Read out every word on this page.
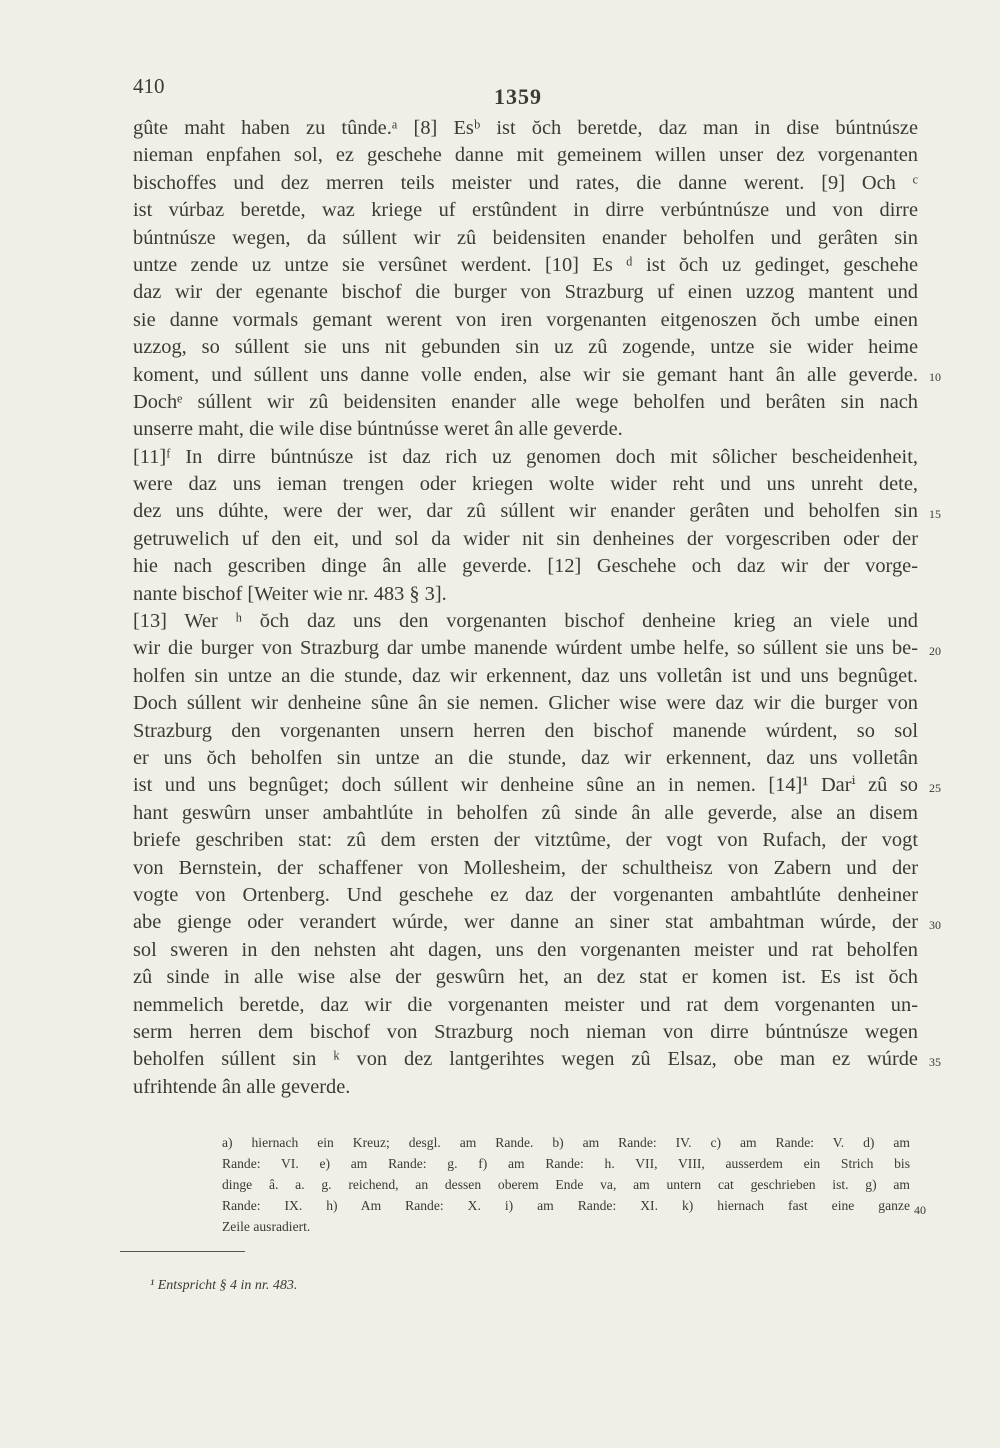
410	1359
gûte maht haben zu tûnde.ᵃ [8] Esᵇ ist ŏch beretde, daz man in dise búntnúsze
nieman enpfahen sol, ez geschehe danne mit gemeinem willen unser dez vorgenanten
bischoffes und dez merren teils meister und rates, die danne werent. [9] Och ᶜ
ist vúrbaz beretde, waz kriege uf erstûndent in dirre verbúntnúsze und von dirre
búntnúsze wegen, da súllent wir zû beidensiten enander beholfen und gerâten sin
untze zende uz untze sie versûnet werdent. [10] Es ᵈ ist ŏch uz gedinget, geschehe
daz wir der egenante bischof die burger von Strazburg uf einen uzzog mantent und
sie danne vormals gemant werent von iren vorgenanten eitgenoszen ŏch umbe einen
uzzog, so súllent sie uns nit gebunden sin uz zû zogende, untze sie wider heime
koment, und súllent uns danne volle enden, alse wir sie gemant hant ân alle geverde.
Dochᵉ súllent wir zû beidensiten enander alle wege beholfen und berâten sin nach
unserre maht, die wile dise búntnússe weret ân alle geverde.
[11]ᶠ In dirre búntnúsze ist daz rich uz genomen doch mit sôlicher bescheidenheit,
were daz uns ieman trengen oder kriegen wolte wider reht und uns unreht dete,
dez uns dúhte, were der wer, dar zû súllent wir enander gerâten und beholfen sin
getruwelich uf den eit, und sol da wider nit sin denheines der vorgescriben oder der
hie nach gescriben dinge ân alle geverde. [12] Geschehe och daz wir der vorge-
nante bischof [Weiter wie nr. 483 § 3].
[13] Wer ʰ ŏch daz uns den vorgenanten bischof denheine krieg an viele und
wir die burger von Strazburg dar umbe manende wúrdent umbe helfe, so súllent sie uns be-
holfen sin untze an die stunde, daz wir erkennent, daz uns volletân ist und uns begnûget.
Doch súllent wir denheine sûne ân sie nemen. Glicher wise were daz wir die burger von
Strazburg den vorgenanten unsern herren den bischof manende wúrdent, so sol
er uns ŏch beholfen sin untze an die stunde, daz wir erkennent, daz uns volletân
ist und uns begnûget; doch súllent wir denheine sûne an in nemen. [14]¹ Darⁱ zû so
hant geswûrn unser ambahtlúte in beholfen zû sinde ân alle geverde, alse an disem
briefe geschriben stat: zû dem ersten der vitztûme, der vogt von Rufach, der vogt
von Bernstein, der schaffener von Mollesheim, der schultheisz von Zabern und der
vogte von Ortenberg. Und geschehe ez daz der vorgenanten ambahtlúte denheiner
abe gienge oder verandert wúrde, wer danne an siner stat ambahtman wúrde, der
sol sweren in den nehsten aht dagen, uns den vorgenanten meister und rat beholfen
zû sinde in alle wise alse der geswûrn het, an dez stat er komen ist. Es ist ŏch
nemmelich beretde, daz wir die vorgenanten meister und rat dem vorgenanten un-
serm herren dem bischof von Strazburg noch nieman von dirre búntnúsze wegen
beholfen súllent sin ᵏ von dez lantgerihtes wegen zû Elsaz, obe man ez wúrde
ufrihtende ân alle geverde.
10
15
20
25
30
35
a) hiernach ein Kreuz; desgl. am Rande. b) am Rande: IV. c) am Rande: V. d) am
Rande: VI. e) am Rande: g. f) am Rande: h. VII, VIII, ausserdem ein Strich bis
dinge â. a. g. reichend, an dessen oberem Ende va, am untern cat geschrieben ist. g) am
Rande: IX. h) Am Rande: X. i) am Rande: XI. k) hiernach fast eine ganze
Zeile ausradiert.
40
¹ Entspricht § 4 in nr. 483.
